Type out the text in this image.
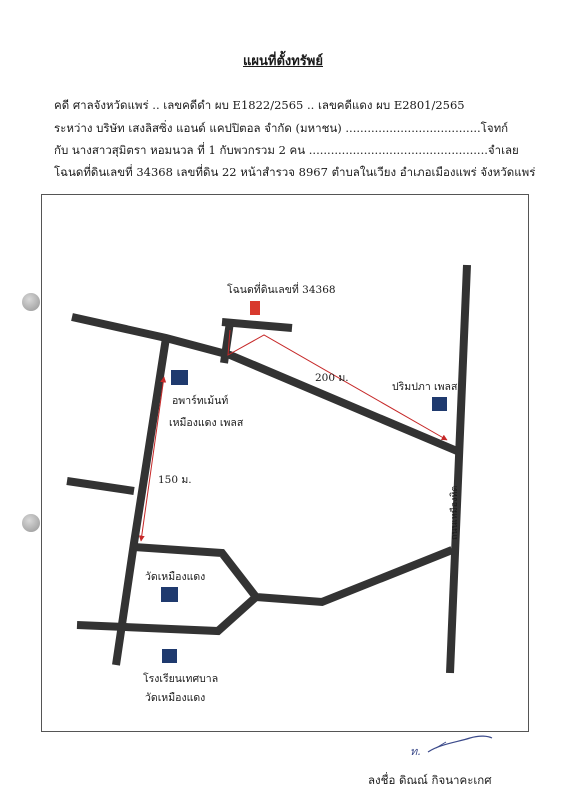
แผนที่ตั้งทรัพย์
คดี ศาลจังหวัดแพร่ .. เลขคดีดำ ผบ E1822/2565 .. เลขคดีแดง ผบ E2801/2565
ระหว่าง บริษัท เสงลิสซิ่ง แอนด์ แคปปิตอล จำกัด (มหาชน) .....................................โจทก์
กับ นางสาวสุมิตรา หอมนวล ที่ 1 กับพวกรวม 2 คน .................................................จำเลย
โฉนดที่ดินเลขที่ 34368 เลขที่ดิน 22 หน้าสำรวจ 8967 ตำบลในเวียง อำเภอเมืองแพร่ จังหวัดแพร่
โฉนดที่ดินเลขที่ 34368
200 ม.
อพาร์ทเม้นท์
เหมืองแดง เพลส
ปริมปภา เพลส
150 ม.
วัดเหมืองแดง
โรงเรียนเทศบาล
วัดเหมืองแดง
ถนนเหมืองหิต
ท.
ลงชื่อ ดิณณ์ กิจนาคะเกศ
